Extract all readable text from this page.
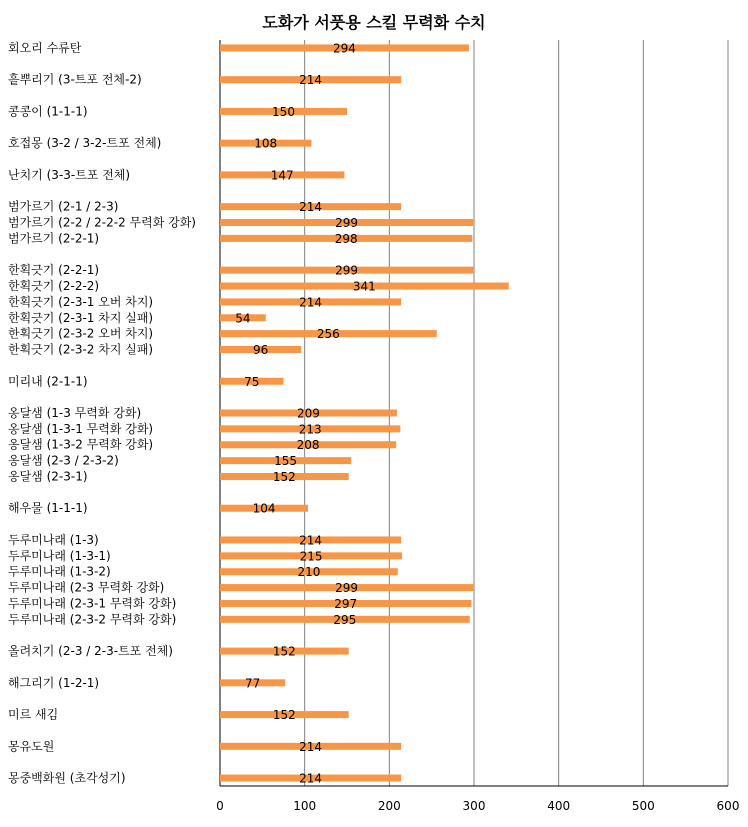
도화가 서풋용 스킬 무력화 수치
회오리 수류탄	294
흩뿌리기 (3-트포 전체-2)	214
콩콩이 (1-1-1)	150
호접몽 (3-2 / 3-2-트포 전체)	108
난치기 (3-3-트포 전체)	147
범가르기 (2-1 / 2-3)	214
범가르기 (2-2 / 2-2-2 무력화 강화)	299
범가르기 (2-2-1)	298
한획긋기 (2-2-1)	299
한획긋기 (2-2-2)	341
한획긋기 (2-3-1 오버 차지)	214
한획긋기 (2-3-1 차지 실패)	54
한획긋기 (2-3-2 오버 차지)	256
한획긋기 (2-3-2 차지 실패)	96
미리내 (2-1-1)	75
옹달샘 (1-3 무력화 강화)	209
옹달샘 (1-3-1 무력화 강화)	213
옹달샘 (1-3-2 무력화 강화)	208
옹달샘 (2-3 / 2-3-2)	155
옹달샘 (2-3-1)	152
해우물 (1-1-1)	104
두루미나래 (1-3)	214
두루미나래 (1-3-1)	215
두루미나래 (1-3-2)	210
두루미나래 (2-3 무력화 강화)	299
두루미나래 (2-3-1 무력화 강화)	297
두루미나래 (2-3-2 무력화 강화)	295
올려치기 (2-3 / 2-3-트포 전체)	152
해그리기 (1-2-1)	77
미르 새김	152
몽유도원	214
몽중백화원 (초각성기)	214
0	100	200	300	400	500	600
